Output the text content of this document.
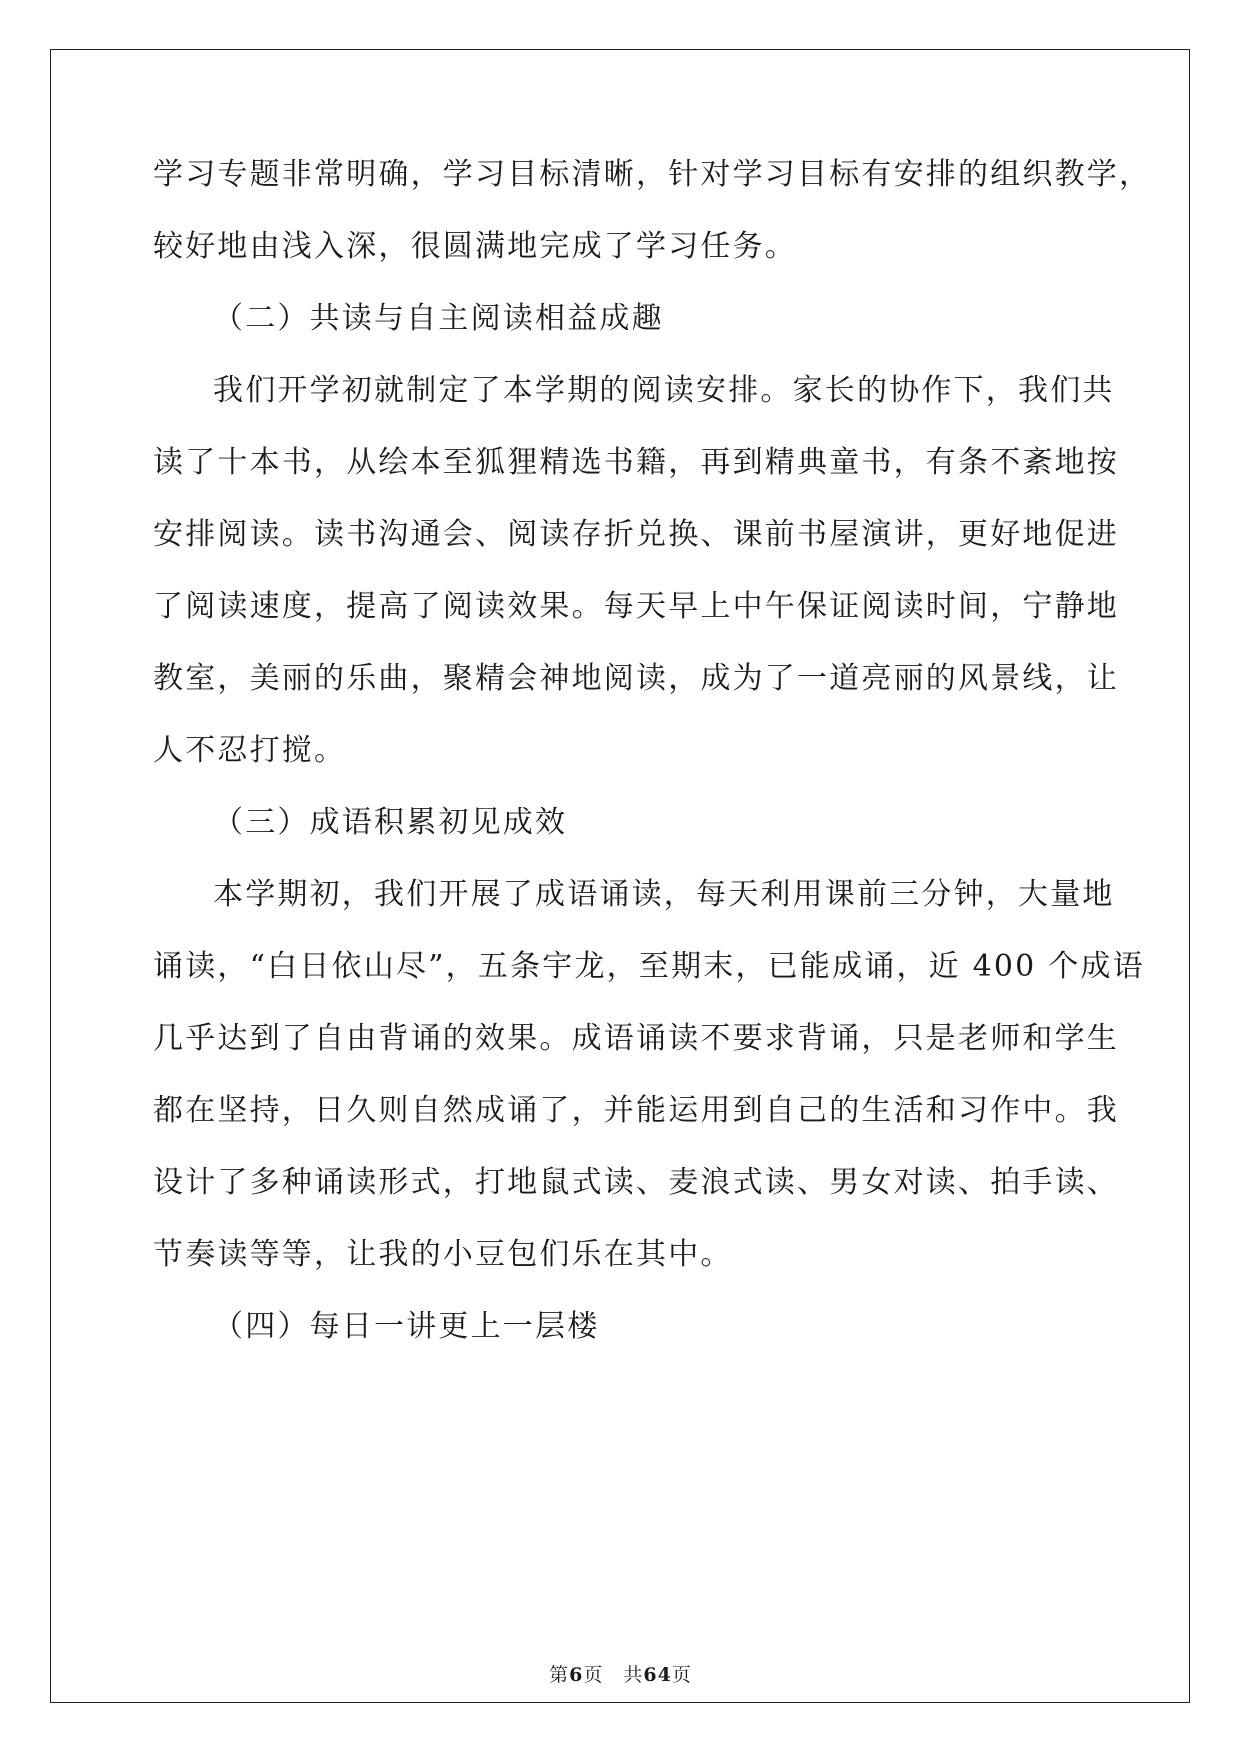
学习专题非常明确，学习目标清晰，针对学习目标有安排的组织教学，
较好地由浅入深，很圆满地完成了学习任务。
（二）共读与自主阅读相益成趣
我们开学初就制定了本学期的阅读安排。家长的协作下，我们共
读了十本书，从绘本至狐狸精选书籍，再到精典童书，有条不紊地按
安排阅读。读书沟通会、阅读存折兑换、课前书屋演讲，更好地促进
了阅读速度，提高了阅读效果。每天早上中午保证阅读时间，宁静地
教室，美丽的乐曲，聚精会神地阅读，成为了一道亮丽的风景线，让
人不忍打搅。
（三）成语积累初见成效
本学期初，我们开展了成语诵读，每天利用课前三分钟，大量地
诵读，“白日依山尽”，五条宇龙，至期末，已能成诵，近 400 个成语
几乎达到了自由背诵的效果。成语诵读不要求背诵，只是老师和学生
都在坚持，日久则自然成诵了，并能运用到自己的生活和习作中。我
设计了多种诵读形式，打地鼠式读、麦浪式读、男女对读、拍手读、
节奏读等等，让我的小豆包们乐在其中。
（四）每日一讲更上一层楼
第6页 共64页
